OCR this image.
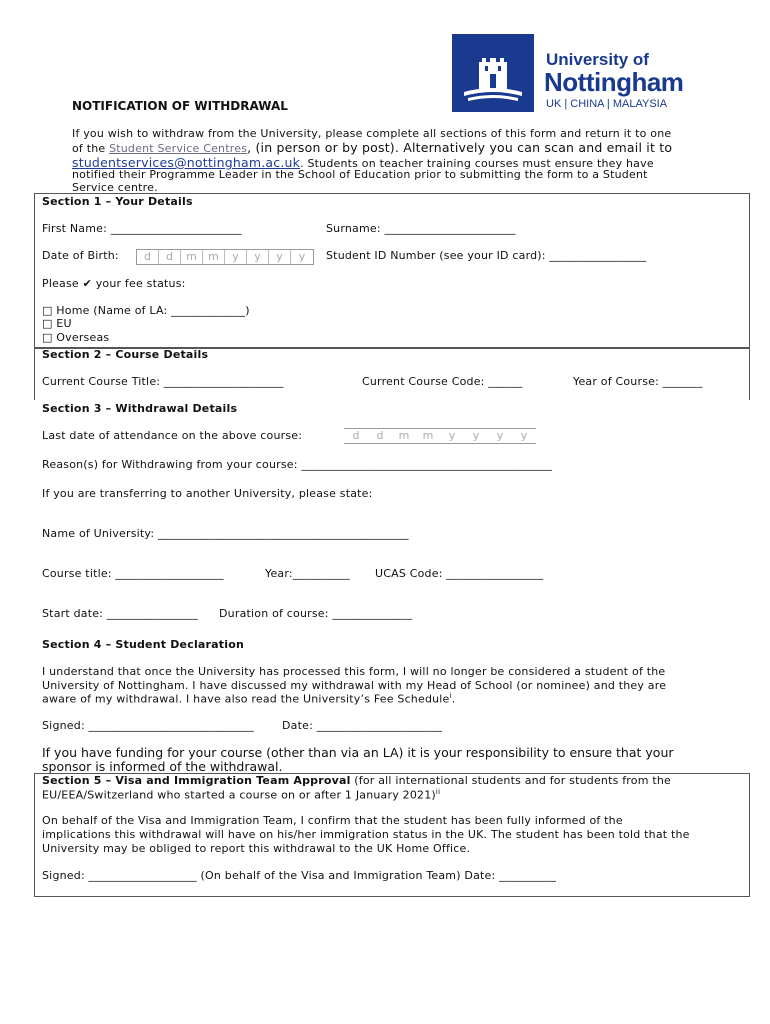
University of
Nottingham
UK | CHINA | MALAYSIA
NOTIFICATION OF WITHDRAWAL
If you wish to withdraw from the University, please complete all sections of this form and return it to one
of the Student Service Centres, (in person or by post). Alternatively you can scan and email it to
studentservices@nottingham.ac.uk. Students on teacher training courses must ensure they have
notified their Programme Leader in the School of Education prior to submitting the form to a Student
Service centre.
Section 1 – Your Details
First Name: _______________________	Surname: _______________________
Date of Birth:	d d m m y y y y	Student ID Number (see your ID card): _________________
Please ✔ your fee status:
□ Home (Name of LA: _____________)
□ EU
□ Overseas
Section 2 – Course Details
Current Course Title: _____________________	Current Course Code: ______	Year of Course: _______
Section 3 – Withdrawal Details
Last date of attendance on the above course:	d d m m y y y y
Reason(s) for Withdrawing from your course: ____________________________________________
If you are transferring to another University, please state:
Name of University: ____________________________________________
Course title: ___________________	Year:__________ UCAS Code: _________________
Start date: ________________ Duration of course: ______________
Section 4 – Student Declaration
I understand that once the University has processed this form, I will no longer be considered a student of the
University of Nottingham. I have discussed my withdrawal with my Head of School (or nominee) and they are
aware of my withdrawal. I have also read the University’s Fee Schedule$^i$.
Signed: _____________________________	Date: ______________________
If you have funding for your course (other than via an LA) it is your responsibility to ensure that your
sponsor is informed of the withdrawal.
Section 5 – Visa and Immigration Team Approval (for all international students and for students from the
EU/EEA/Switzerland who started a course on or after 1 January 2021)$^{ii}$
On behalf of the Visa and Immigration Team, I confirm that the student has been fully informed of the
implications this withdrawal will have on his/her immigration status in the UK. The student has been told that the
University may be obliged to report this withdrawal to the UK Home Office.
Signed: ___________________ (On behalf of the Visa and Immigration Team) Date: __________
